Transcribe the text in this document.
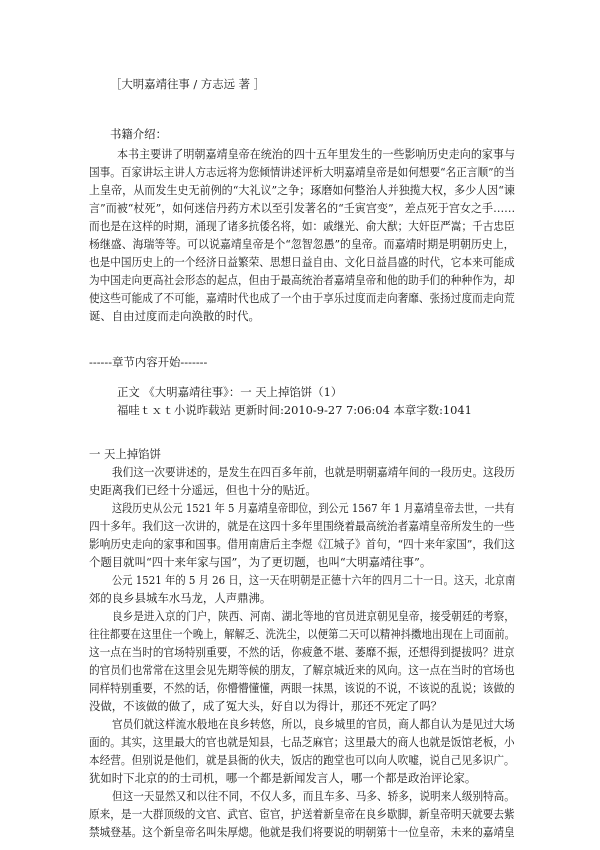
［大明嘉靖往事 / 方志远 著 ］
书籍介绍：
本书主要讲了明朝嘉靖皇帝在统治的四十五年里发生的一些影响历史走向的家事与
国事。百家讲坛主讲人方志远将为您倾情讲述评析大明嘉靖皇帝是如何想要“名正言顺”的当
上皇帝，从而发生史无前例的“大礼议”之争；琢磨如何整治人并独揽大权，多少人因“谏
言”而被“杖死”，如何迷信丹药方术以至引发著名的“壬寅宫变”，差点死于宫女之手……
而也是在这样的时期，涌现了诸多抗倭名将，如：戚继光、俞大猷；大奸臣严嵩；千古忠臣
杨继盛、海瑞等等。可以说嘉靖皇帝是个“忽智忽愚”的皇帝。而嘉靖时期是明朝历史上，
也是中国历史上的一个经济日益繁荣、思想日益自由、文化日益昌盛的时代，它本来可能成
为中国走向更高社会形态的起点，但由于最高统治者嘉靖皇帝和他的助手们的种种作为，却
使这些可能成了不可能，嘉靖时代也成了一个由于享乐过度而走向奢靡、张扬过度而走向荒
诞、自由过度而走向涣散的时代。
------章节内容开始-------
正文 《大明嘉靖往事》：一 天上掉馅饼（1）
福哇ｔｘｔ小说昨载站 更新时间:2010-9-27 7:06:04 本章字数:1041
一 天上掉馅饼
我们这一次要讲述的，是发生在四百多年前，也就是明朝嘉靖年间的一段历史。这段历
史距离我们已经十分遥远，但也十分的贴近。
这段历史从公元 1521 年 5 月嘉靖皇帝即位，到公元 1567 年 1 月嘉靖皇帝去世，一共有
四十多年。我们这一次讲的，就是在这四十多年里围绕着最高统治者嘉靖皇帝所发生的一些
影响历史走向的家事和国事。借用南唐后主李煜《江城子》首句，“四十来年家国”，我们这
个题目就叫“四十来年家与国”，为了更切题，也叫“大明嘉靖往事”。
公元 1521 年的 5 月 26 日，这一天在明朝是正德十六年的四月二十一日。这天，北京南
郊的良乡县城车水马龙，人声鼎沸。
良乡是进入京的门户，陕西、河南、湖北等地的官员进京朝见皇帝，接受朝廷的考察，
往往都要在这里住一个晚上，解解乏、洗洗尘，以便第二天可以精神抖擞地出现在上司面前。
这一点在当时的官场特别重要，不然的话，你疲惫不堪、萎靡不振，还想得到提拔吗？进京
的官员们也常常在这里会见先期等候的朋友，了解京城近来的风向。这一点在当时的官场也
同样特别重要，不然的话，你懵懵懂懂，两眼一抹黑，该说的不说，不该说的乱说；该做的
没做，不该做的做了，成了冤大头，好自以为得计，那还不死定了吗？
官员们就这样流水般地在良乡转悠，所以，良乡城里的官员，商人都自认为是见过大场
面的。其实，这里最大的官也就是知县，七品芝麻官；这里最大的商人也就是饭馆老板，小
本经营。但别说是他们，就是县衙的伙夫，饭店的跑堂也可以向人吹嘘，说自己见多识广。
犹如时下北京的的士司机，哪一个都是新闻发言人，哪一个都是政治评论家。
但这一天显然又和以往不同，不仅人多，而且车多、马多、轿多，说明来人级别特高。
原来，是一大群顶级的文官、武官、宦官，护送着新皇帝在良乡歇脚，新皇帝明天就要去紫
禁城登基。这个新皇帝名叫朱厚熜。他就是我们将要说的明朝第十一位皇帝，未来的嘉靖皇
